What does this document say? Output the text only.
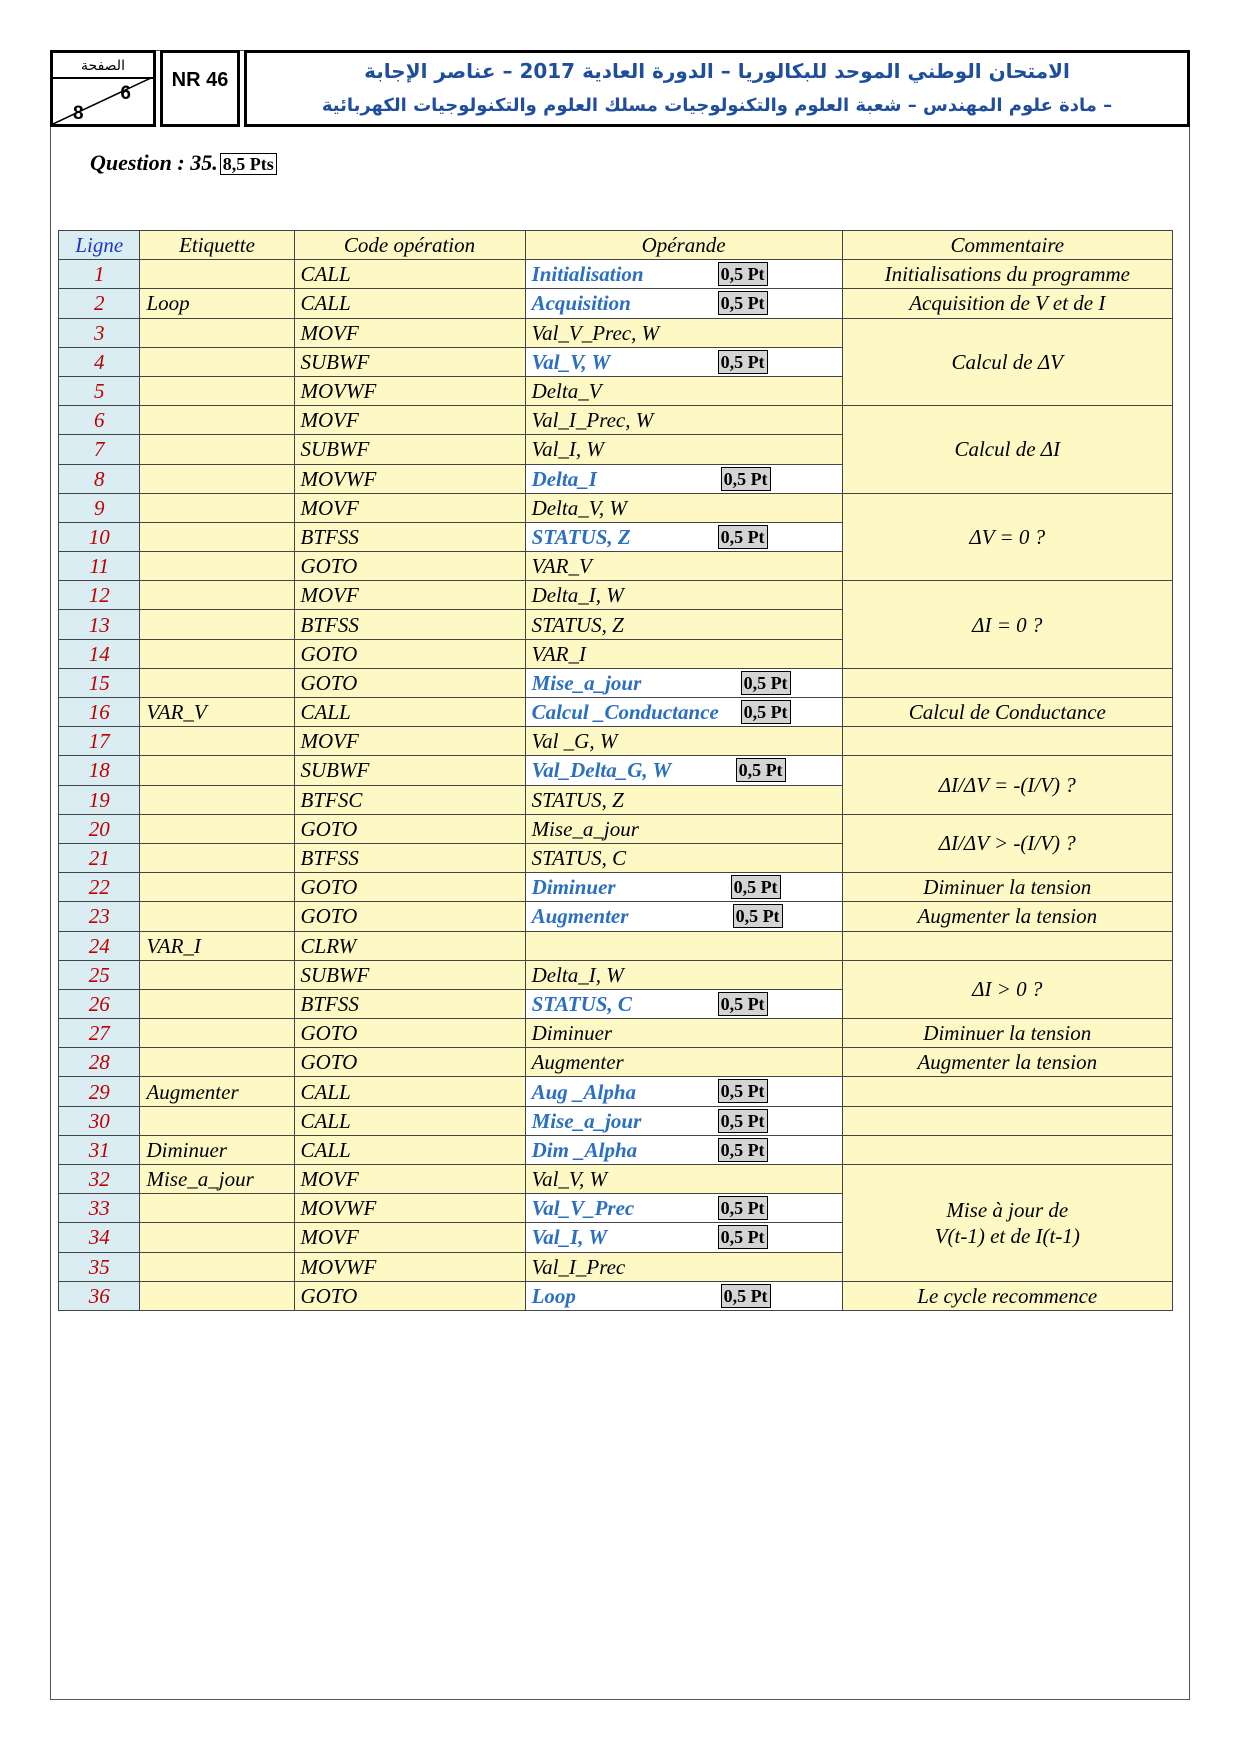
الصفحة
6
8
NR 46	الامتحان الوطني الموحد للبكالوريا – الدورة العادية 2017 – عناصر الإجابة
– مادة علوم المهندس – شعبة العلوم والتكنولوجيات مسلك العلوم والتكنولوجيات الكهربائية
Question : 35. 8,5 Pts
Ligne	Etiquette	Code opération	Opérande	Commentaire
1		CALL	Initialisation 0,5 Pt	Initialisations du programme
2	Loop	CALL	Acquisition 0,5 Pt	Acquisition de V et de I
3		MOVF	Val_V_Prec, W	Calcul de ΔV
4		SUBWF	Val_V, W 0,5 Pt	

5		MOVWF	Delta_V	
6		MOVF	Val_I_Prec, W	Calcul de ΔI
7		SUBWF	Val_I, W	
8		MOVWF	Delta_I 0,5 Pt	

9		MOVF	Delta_V, W	ΔV = 0 ?
10		BTFSS	STATUS, Z 0,5 Pt	

11		GOTO	VAR_V	
12		MOVF	Delta_I, W	ΔI = 0 ?
13		BTFSS	STATUS, Z	
14		GOTO	VAR_I	
15		GOTO	Mise_a_jour 0,5 Pt	

16	VAR_V	CALL	Calcul _Conductance 0,5 Pt	Calcul de Conductance
17		MOVF	Val _G, W	
18		SUBWF	Val_Delta_G, W 0,5 Pt	ΔI/ΔV = -(I/V) ?
19		BTFSC	STATUS, Z	
20		GOTO	Mise_a_jour	ΔI/ΔV > -(I/V) ?
21		BTFSS	STATUS, C	
22		GOTO	Diminuer 0,5 Pt	Diminuer la tension
23		GOTO	Augmenter 0,5 Pt	Augmenter la tension
24	VAR_I	CLRW		
25		SUBWF	Delta_I, W	ΔI > 0 ?
26		BTFSS	STATUS, C 0,5 Pt	

27		GOTO	Diminuer	Diminuer la tension
28		GOTO	Augmenter	Augmenter la tension
29	Augmenter	CALL	Aug _Alpha 0,5 Pt	

30		CALL	Mise_a_jour 0,5 Pt	

31	Diminuer	CALL	Dim _Alpha 0,5 Pt	

32	Mise_a_jour	MOVF	Val_V, W	Mise à jour de
V(t-1) et de I(t-1)
33		MOVWF	Val_V_Prec 0,5 Pt	

34		MOVF	Val_I, W 0,5 Pt	

35		MOVWF	Val_I_Prec	
36		GOTO	Loop 0,5 Pt	Le cycle recommence
